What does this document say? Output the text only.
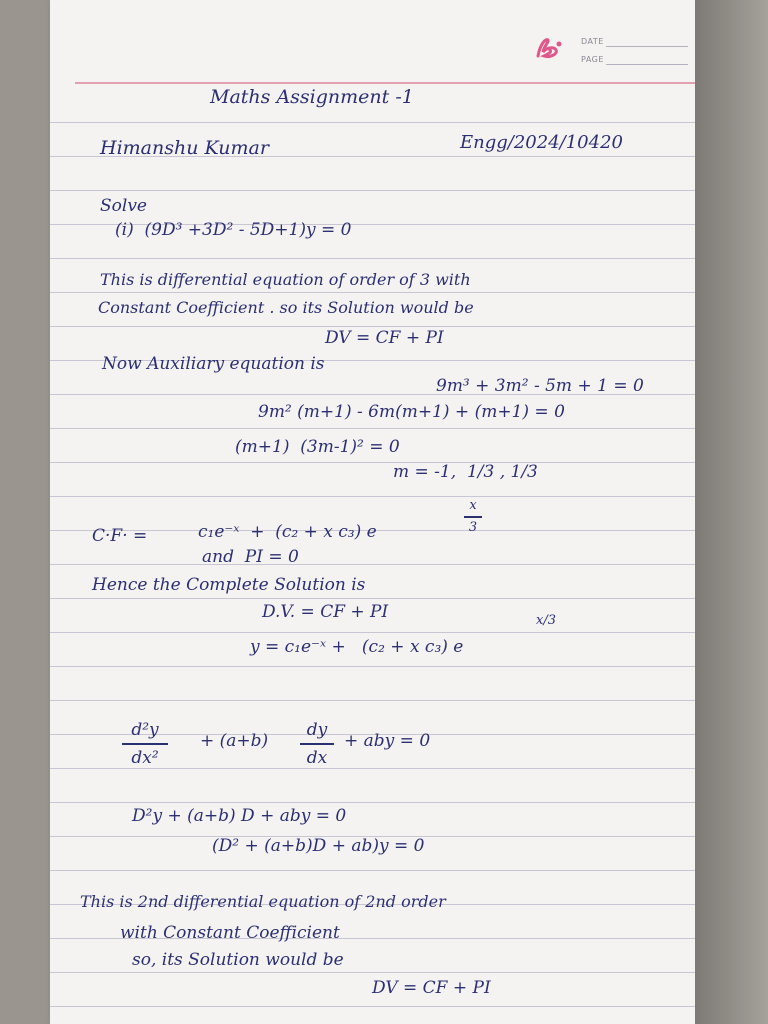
DATE
PAGE
Maths Assignment -1
Himanshu Kumar	Engg/2024/10420
Solve
(i)  (9D³ +3D² - 5D+1)y = 0
This is differential equation of order of 3 with
Constant Coefficient . so its Solution would be
DV = CF + PI
Now Auxiliary equation is
9m³ + 3m² - 5m + 1 = 0
9m² (m+1) - 6m(m+1) + (m+1) = 0
(m+1)  (3m-1)² = 0
m = -1,  1/3 , 1/3
C·F· =	c₁e⁻ˣ  +  (c₂ + x c₃) e
x
3
and  PI = 0
Hence the Complete Solution is
D.V. = CF + PI
y = c₁e⁻ˣ +   (c₂ + x c₃) e
x/3
d²y
dx²
+ (a+b)
dy
dx
+ aby = 0
D²y + (a+b) D + aby = 0
(D² + (a+b)D + ab)y = 0
This is 2nd differential equation of 2nd order
with Constant Coefficient
so, its Solution would be
DV = CF + PI
